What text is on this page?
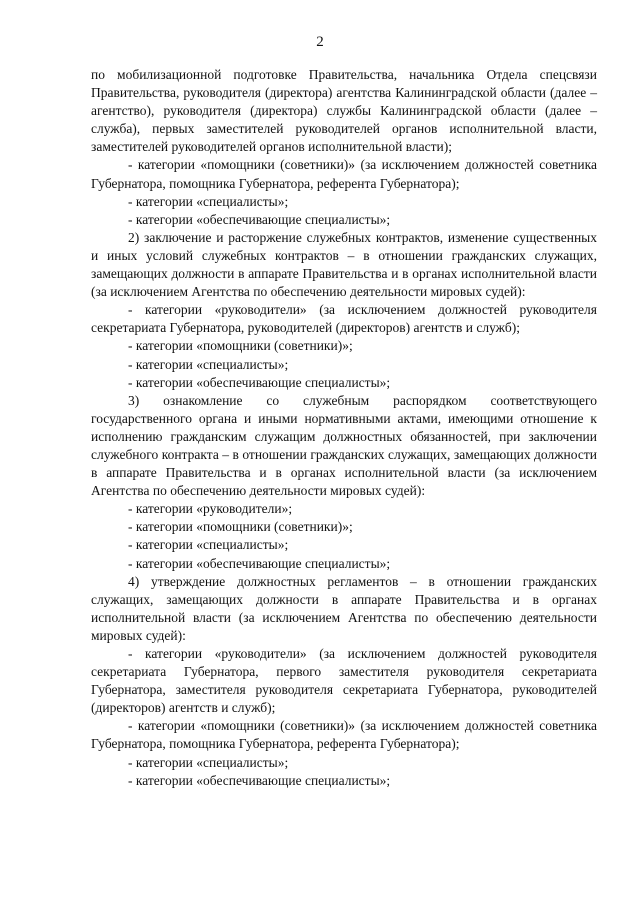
2

по мобилизационной подготовке Правительства, начальника Отдела спецсвязи Правительства, руководителя (директора) агентства Калининградской области (далее – агентство), руководителя (директора) службы Калининградской области (далее – служба), первых заместителей руководителей органов исполнительной власти, заместителей руководителей органов исполнительной власти);

- категории «помощники (советники)» (за исключением должностей советника Губернатора, помощника Губернатора, референта Губернатора);

- категории «специалисты»;

- категории «обеспечивающие специалисты»;

2) заключение и расторжение служебных контрактов, изменение существенных и иных условий служебных контрактов – в отношении гражданских служащих, замещающих должности в аппарате Правительства и в органах исполнительной власти (за исключением Агентства по обеспечению деятельности мировых судей):

- категории «руководители» (за исключением должностей руководителя секретариата Губернатора, руководителей (директоров) агентств и служб);

- категории «помощники (советники)»;

- категории «специалисты»;

- категории «обеспечивающие специалисты»;

3) ознакомление со служебным распорядком соответствующего государственного органа и иными нормативными актами, имеющими отношение к исполнению гражданским служащим должностных обязанностей, при заключении служебного контракта – в отношении гражданских служащих, замещающих должности в аппарате Правительства и в органах исполнительной власти (за исключением Агентства по обеспечению деятельности мировых судей):

- категории «руководители»;

- категории «помощники (советники)»;

- категории «специалисты»;

- категории «обеспечивающие специалисты»;

4) утверждение должностных регламентов – в отношении гражданских служащих, замещающих должности в аппарате Правительства и в органах исполнительной власти (за исключением Агентства по обеспечению деятельности мировых судей):

- категории «руководители» (за исключением должностей руководителя секретариата Губернатора, первого заместителя руководителя секретариата Губернатора, заместителя руководителя секретариата Губернатора, руководителей (директоров) агентств и служб);

- категории «помощники (советники)» (за исключением должностей советника Губернатора, помощника Губернатора, референта Губернатора);

- категории «специалисты»;

- категории «обеспечивающие специалисты»;
